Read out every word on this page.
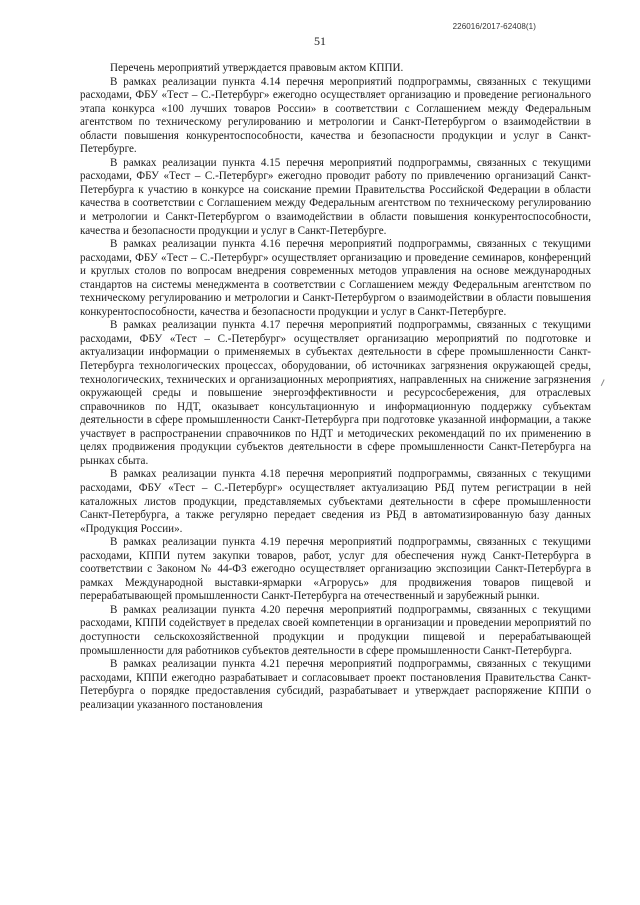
226016/2017-62408(1)
51

Перечень мероприятий утверждается правовым актом КППИ.

В рамках реализации пункта 4.14 перечня мероприятий подпрограммы, связанных с текущими расходами, ФБУ «Тест – С.-Петербург» ежегодно осуществляет организацию и проведение регионального этапа конкурса «100 лучших товаров России» в соответствии с Соглашением между Федеральным агентством по техническому регулированию и метрологии и Санкт-Петербургом о взаимодействии в области повышения конкурентоспособности, качества и безопасности продукции и услуг в Санкт-Петербурге.

В рамках реализации пункта 4.15 перечня мероприятий подпрограммы, связанных с текущими расходами, ФБУ «Тест – С.-Петербург» ежегодно проводит работу по привлечению организаций Санкт-Петербурга к участию в конкурсе на соискание премии Правительства Российской Федерации в области качества в соответствии с Соглашением между Федеральным агентством по техническому регулированию и метрологии и Санкт-Петербургом о взаимодействии в области повышения конкурентоспособности, качества и безопасности продукции и услуг в Санкт-Петербурге.

В рамках реализации пункта 4.16 перечня мероприятий подпрограммы, связанных с текущими расходами, ФБУ «Тест – С.-Петербург» осуществляет организацию и проведение семинаров, конференций и круглых столов по вопросам внедрения современных методов управления на основе международных стандартов на системы менеджмента в соответствии с Соглашением между Федеральным агентством по техническому регулированию и метрологии и Санкт-Петербургом о взаимодействии в области повышения конкурентоспособности, качества и безопасности продукции и услуг в Санкт-Петербурге.

В рамках реализации пункта 4.17 перечня мероприятий подпрограммы, связанных с текущими расходами, ФБУ «Тест – С.-Петербург» осуществляет организацию мероприятий по подготовке и актуализации информации о применяемых в субъектах деятельности в сфере промышленности Санкт-Петербурга технологических процессах, оборудовании, об источниках загрязнения окружающей среды, технологических, технических и организационных мероприятиях, направленных на снижение загрязнения окружающей среды и повышение энергоэффективности и ресурсосбережения, для отраслевых справочников по НДТ, оказывает консультационную и информационную поддержку субъектам деятельности в сфере промышленности Санкт-Петербурга при подготовке указанной информации, а также участвует в распространении справочников по НДТ и методических рекомендаций по их применению в целях продвижения продукции субъектов деятельности в сфере промышленности Санкт-Петербурга на рынках сбыта.

В рамках реализации пункта 4.18 перечня мероприятий подпрограммы, связанных с текущими расходами, ФБУ «Тест – С.-Петербург» осуществляет актуализацию РБД путем регистрации в ней каталожных листов продукции, представляемых субъектами деятельности в сфере промышленности Санкт-Петербурга, а также регулярно передает сведения из РБД в автоматизированную базу данных «Продукция России».

В рамках реализации пункта 4.19 перечня мероприятий подпрограммы, связанных с текущими расходами, КППИ путем закупки товаров, работ, услуг для обеспечения нужд Санкт-Петербурга в соответствии с Законом № 44-ФЗ ежегодно осуществляет организацию экспозиции Санкт-Петербурга в рамках Международной выставки-ярмарки «Агрорусь» для продвижения товаров пищевой и перерабатывающей промышленности Санкт-Петербурга на отечественный и зарубежный рынки.

В рамках реализации пункта 4.20 перечня мероприятий подпрограммы, связанных с текущими расходами, КППИ содействует в пределах своей компетенции в организации и проведении мероприятий по доступности сельскохозяйственной продукции и продукции пищевой и перерабатывающей промышленности для работников субъектов деятельности в сфере промышленности Санкт-Петербурга.

В рамках реализации пункта 4.21 перечня мероприятий подпрограммы, связанных с текущими расходами, КППИ ежегодно разрабатывает и согласовывает проект постановления Правительства Санкт-Петербурга о порядке предоставления субсидий, разрабатывает и утверждает распоряжение КППИ о реализации указанного постановления
